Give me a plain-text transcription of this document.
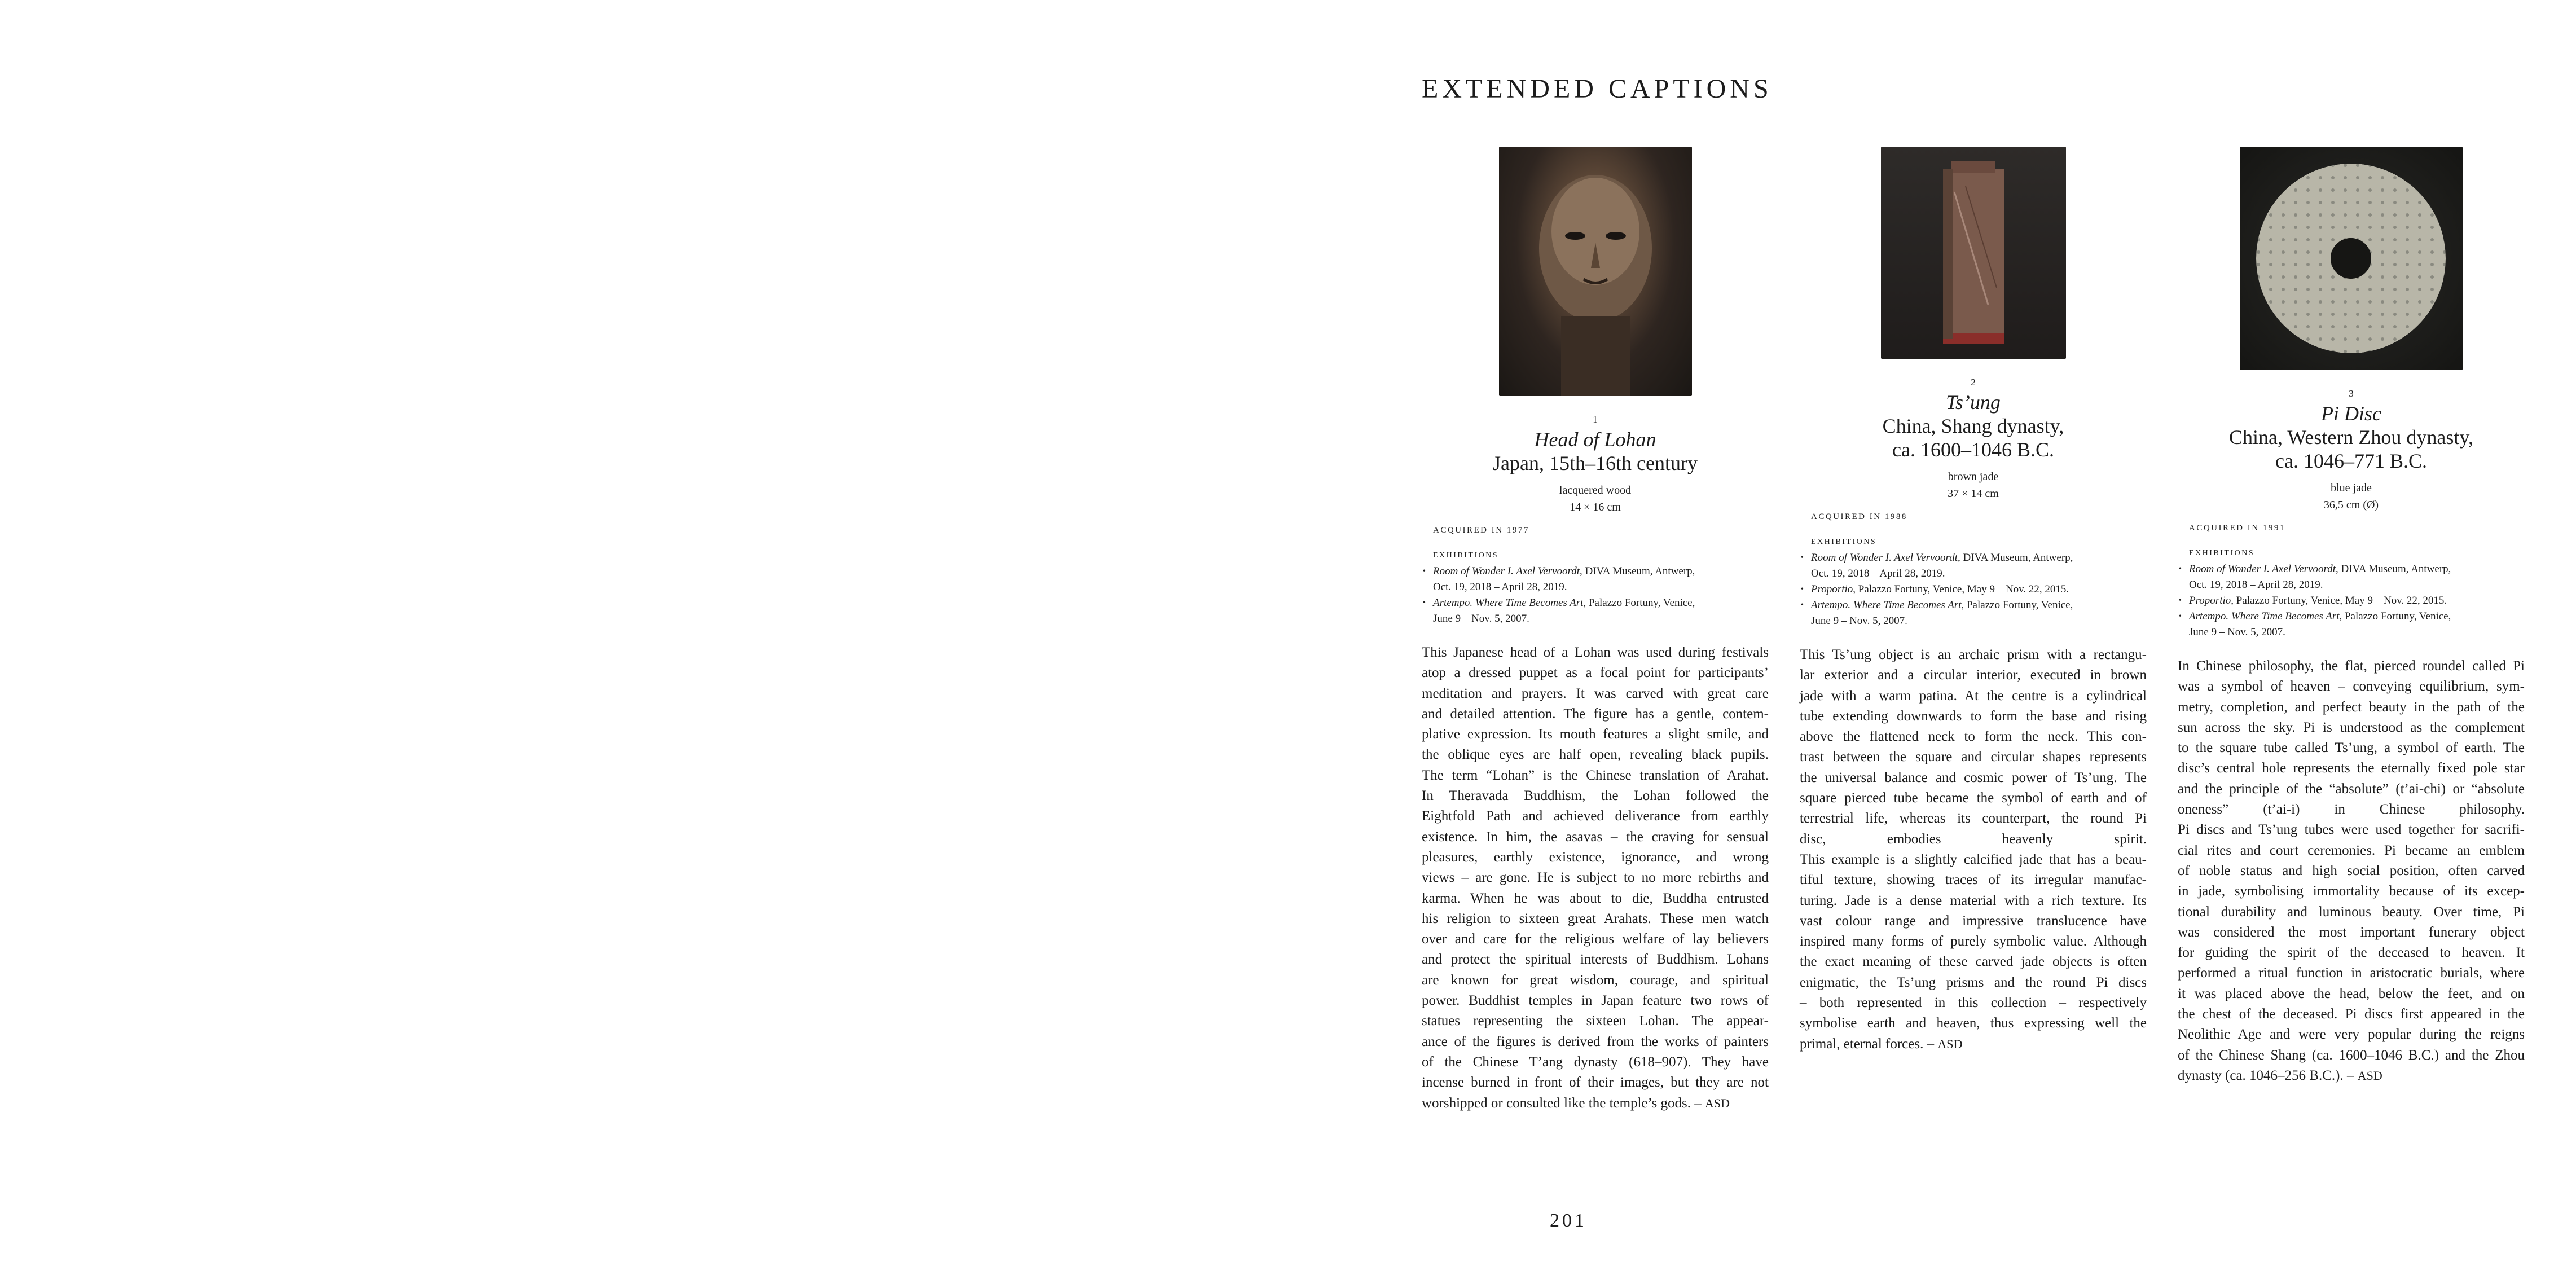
EXTENDED CAPTIONS
1
Head of Lohan
Japan, 15th–16th century
lacquered wood
14 × 16 cm
ACQUIRED IN 1977
EXHIBITIONS
• Room of Wonder I. Axel Vervoordt, DIVA Museum, Antwerp,
Oct. 19, 2018 – April 28, 2019.
• Artempo. Where Time Becomes Art, Palazzo Fortuny, Venice,
June 9 – Nov. 5, 2007.

This Japanese head of a Lohan was used during festivals

atop a dressed puppet as a focal point for participants’

meditation and prayers. It was carved with great care

and detailed attention. The figure has a gentle, contem-

plative expression. Its mouth features a slight smile, and

the oblique eyes are half open, revealing black pupils.

The term “Lohan” is the Chinese translation of Arahat.

In Theravada Buddhism, the Lohan followed the

Eightfold Path and achieved deliverance from earthly

existence. In him, the asavas – the craving for sensual

pleasures, earthly existence, ignorance, and wrong

views – are gone. He is subject to no more rebirths and

karma. When he was about to die, Buddha entrusted

his religion to sixteen great Arahats. These men watch

over and care for the religious welfare of lay believers

and protect the spiritual interests of Buddhism. Lohans

are known for great wisdom, courage, and spiritual

power. Buddhist temples in Japan feature two rows of

statues representing the sixteen Lohan. The appear-

ance of the figures is derived from the works of painters

of the Chinese T’ang dynasty (618–907). They have

incense burned in front of their images, but they are not

worshipped or consulted like the temple’s gods. – ASD

2
Ts’ung
China, Shang dynasty,
ca. 1600–1046 B.C.
brown jade
37 × 14 cm
ACQUIRED IN 1988
EXHIBITIONS
• Room of Wonder I. Axel Vervoordt, DIVA Museum, Antwerp,
Oct. 19, 2018 – April 28, 2019.
• Proportio, Palazzo Fortuny, Venice, May 9 – Nov. 22, 2015.
• Artempo. Where Time Becomes Art, Palazzo Fortuny, Venice,
June 9 – Nov. 5, 2007.

This Ts’ung object is an archaic prism with a rectangu-

lar exterior and a circular interior, executed in brown

jade with a warm patina. At the centre is a cylindrical

tube extending downwards to form the base and rising

above the flattened neck to form the neck. This con-

trast between the square and circular shapes represents

the universal balance and cosmic power of Ts’ung. The

square pierced tube became the symbol of earth and of

terrestrial life, whereas its counterpart, the round Pi

disc, embodies heavenly spirit.

This example is a slightly calcified jade that has a beau-

tiful texture, showing traces of its irregular manufac-

turing. Jade is a dense material with a rich texture. Its

vast colour range and impressive translucence have

inspired many forms of purely symbolic value. Although

the exact meaning of these carved jade objects is often

enigmatic, the Ts’ung prisms and the round Pi discs

– both represented in this collection – respectively

symbolise earth and heaven, thus expressing well the

primal, eternal forces. – ASD

3
Pi Disc
China, Western Zhou dynasty,
ca. 1046–771 B.C.
blue jade
36,5 cm (Ø)
ACQUIRED IN 1991
EXHIBITIONS
• Room of Wonder I. Axel Vervoordt, DIVA Museum, Antwerp,
Oct. 19, 2018 – April 28, 2019.
• Proportio, Palazzo Fortuny, Venice, May 9 – Nov. 22, 2015.
• Artempo. Where Time Becomes Art, Palazzo Fortuny, Venice,
June 9 – Nov. 5, 2007.

In Chinese philosophy, the flat, pierced roundel called Pi

was a symbol of heaven – conveying equilibrium, sym-

metry, completion, and perfect beauty in the path of the

sun across the sky. Pi is understood as the complement

to the square tube called Ts’ung, a symbol of earth. The

disc’s central hole represents the eternally fixed pole star

and the principle of the “absolute” (t’ai-chi) or “absolute

oneness” (t’ai-i) in Chinese philosophy.

Pi discs and Ts’ung tubes were used together for sacrifi-

cial rites and court ceremonies. Pi became an emblem

of noble status and high social position, often carved

in jade, symbolising immortality because of its excep-

tional durability and luminous beauty. Over time, Pi

was considered the most important funerary object

for guiding the spirit of the deceased to heaven. It

performed a ritual function in aristocratic burials, where

it was placed above the head, below the feet, and on

the chest of the deceased. Pi discs first appeared in the

Neolithic Age and were very popular during the reigns

of the Chinese Shang (ca. 1600–1046 B.C.) and the Zhou

dynasty (ca. 1046–256 B.C.). – ASD

201
